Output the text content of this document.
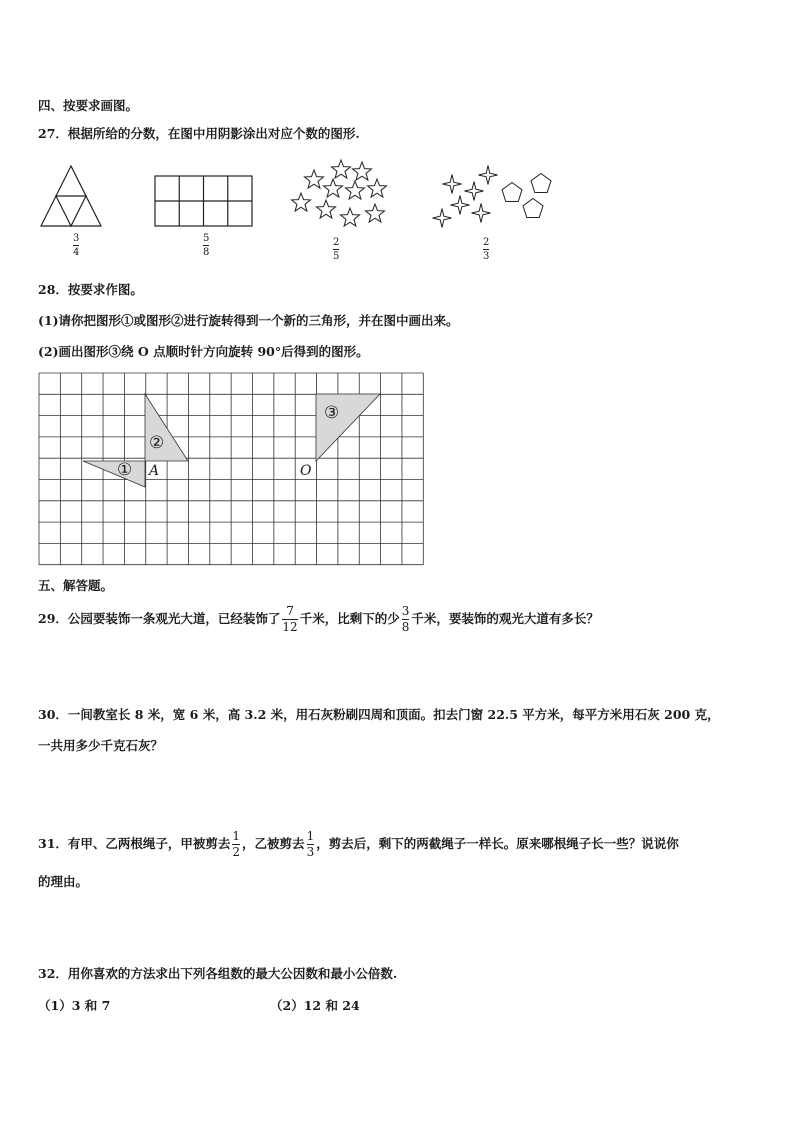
四、按要求画图。
27．根据所给的分数，在图中用阴影涂出对应个数的图形.
3
4
5
8
2
5
2
3
28．按要求作图。
(1)请你把图形①或图形②进行旋转得到一个新的三角形，并在图中画出来。
(2)画出图形③绕 O 点顺时针方向旋转 90°后得到的图形。
①
②
③
A	O
五、解答题。
29．公园要装饰一条观光大道，已经装饰了
7
12
千米，比剩下的少
3
8
千米，要装饰的观光大道有多长？
30．一间教室长 8 米，宽 6 米，高 3.2 米，用石灰粉刷四周和顶面。扣去门窗 22.5 平方米，每平方米用石灰 200 克，
一共用多少千克石灰？
31．有甲、乙两根绳子，甲被剪去
1
2
，乙被剪去
1
3
，剪去后，剩下的两截绳子一样长。原来哪根绳子长一些？说说你
的理由。
32．用你喜欢的方法求出下列各组数的最大公因数和最小公倍数.
（1）3 和 7	（2）12 和 24
